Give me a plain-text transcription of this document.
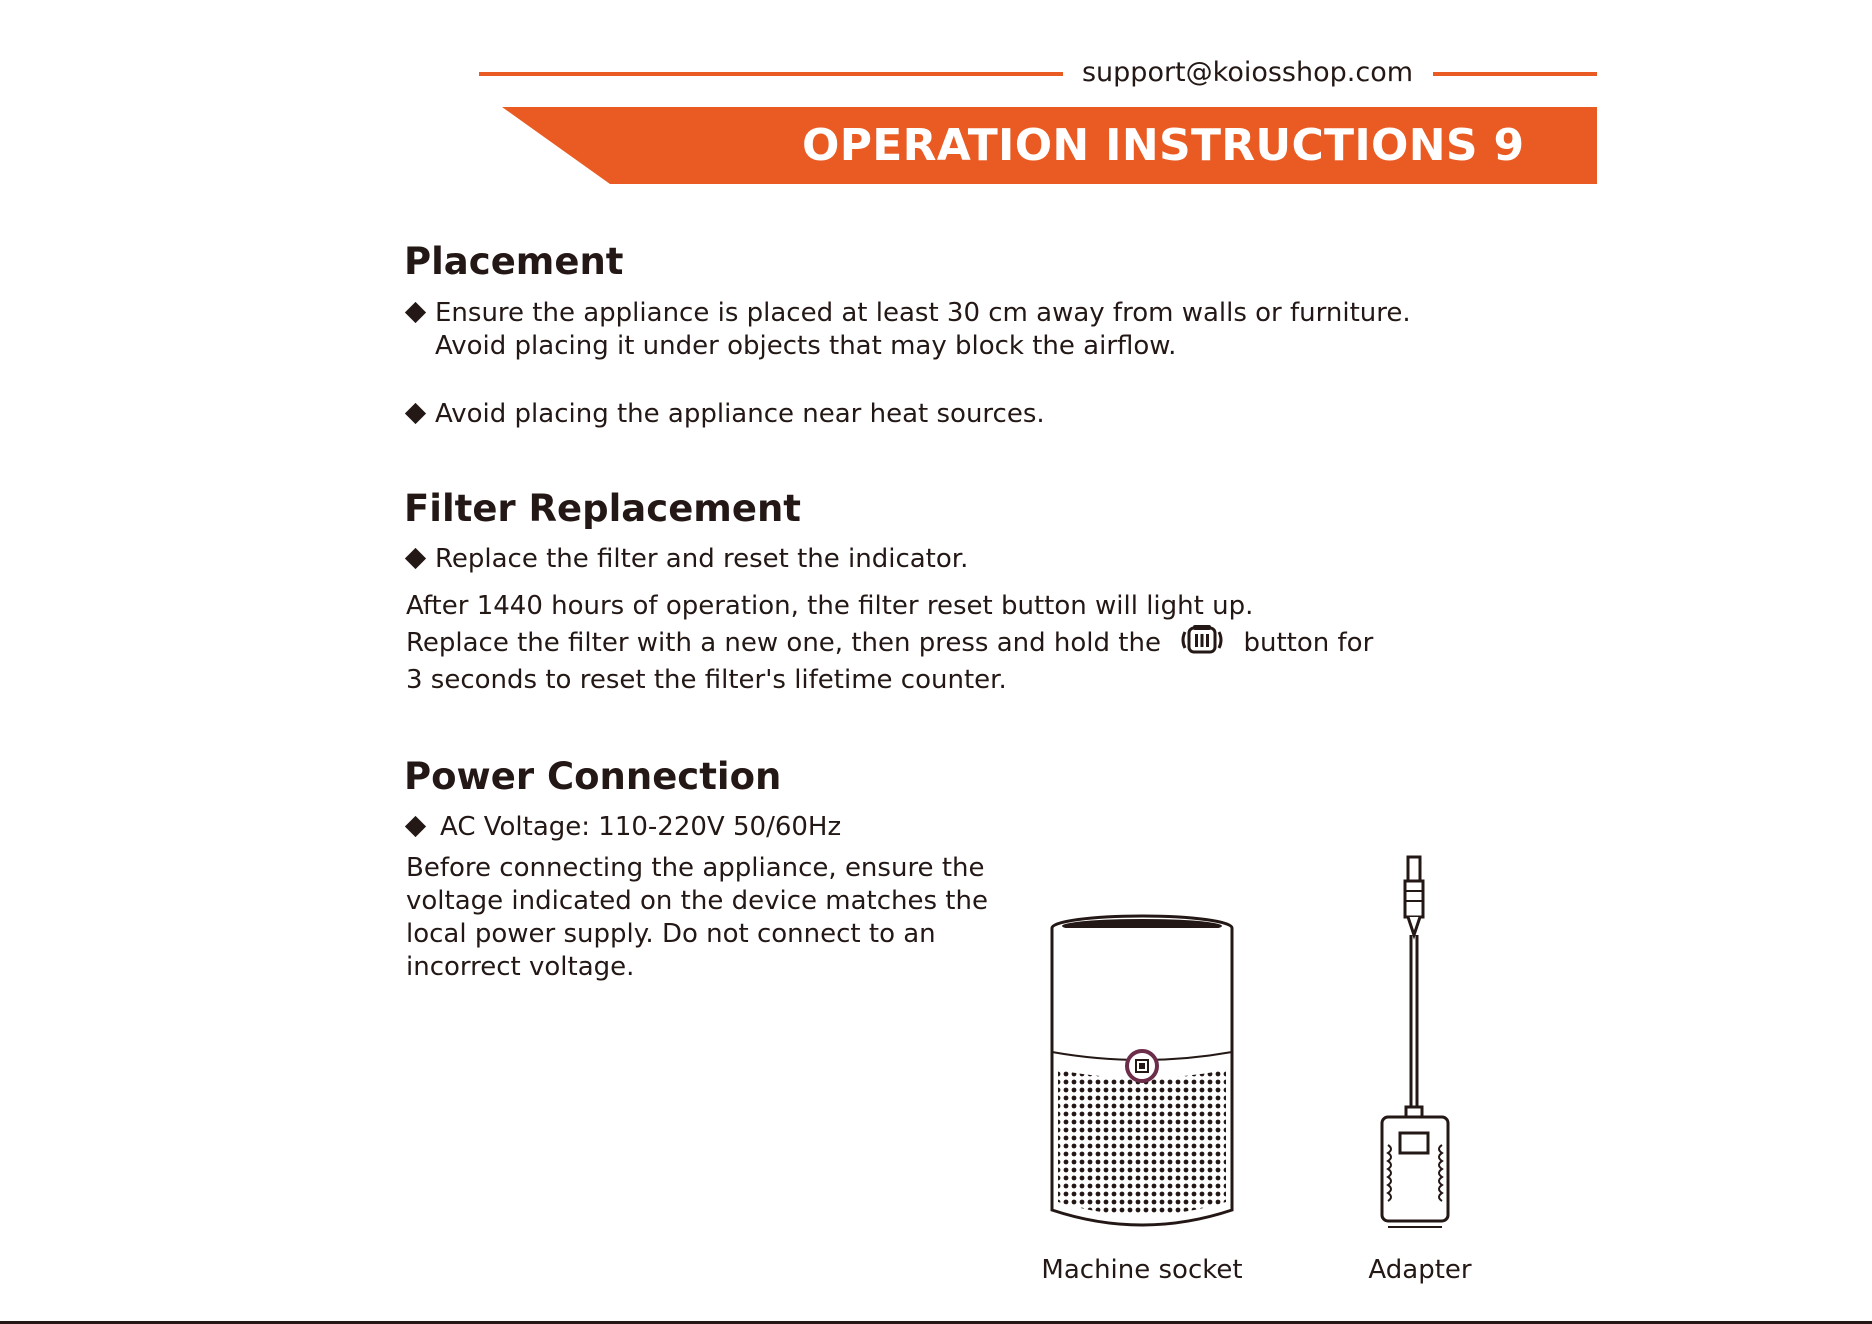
support@koiosshop.com
OPERATION INSTRUCTIONS 9
Placement
Ensure the appliance is placed at least 30 cm away from walls or furniture.
Avoid placing it under objects that may block the airflow.
Avoid placing the appliance near heat sources.
Filter Replacement
Replace the filter and reset the indicator.
After 1440 hours of operation, the filter reset button will light up.
Replace the filter with a new one, then press and hold the	button for
3 seconds to reset the filter's lifetime counter.
Power Connection
AC Voltage: 110-220V 50/60Hz
Before connecting the appliance, ensure the
voltage indicated on the device matches the
local power supply. Do not connect to an
incorrect voltage.
Machine socket	Adapter
